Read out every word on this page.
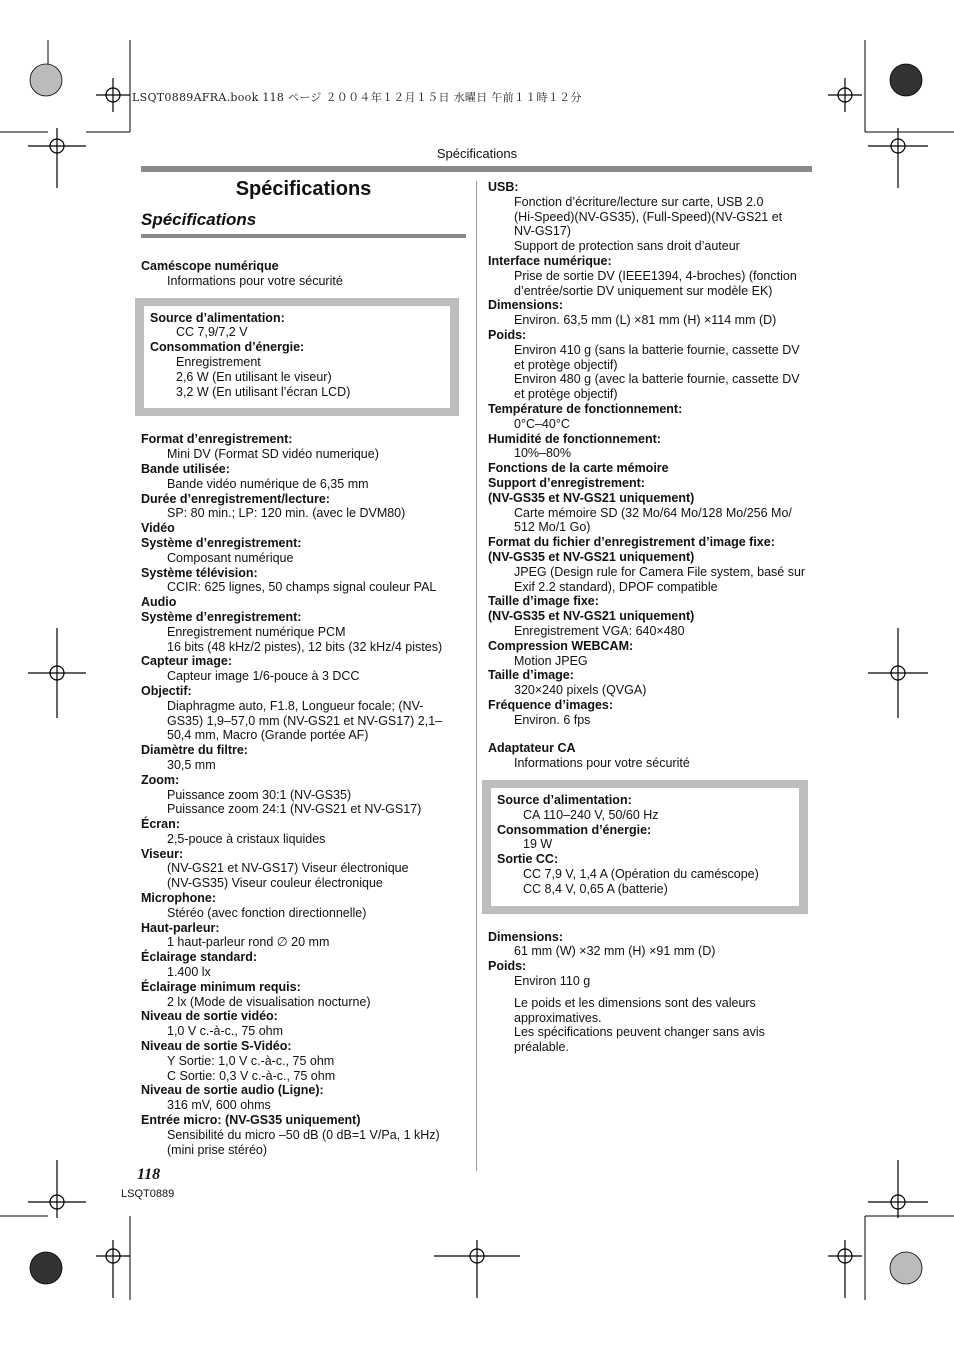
LSQT0889AFRA.book 118 ページ ２００４年１２月１５日 水曜日 午前１１時１２分
Spécifications
Spécifications
Spécifications
Caméscope numérique
Informations pour votre sécurité
Source d’alimentation:
CC 7,9/7,2 V
Consommation d’énergie:
Enregistrement
2,6 W (En utilisant le viseur)
3,2 W (En utilisant l’écran LCD)
Format d’enregistrement:
Mini DV (Format SD vidéo numerique)
Bande utilisée:
Bande vidéo numérique de 6,35 mm
Durée d’enregistrement/lecture:
SP: 80 min.; LP: 120 min. (avec le DVM80)
Vidéo
Système d’enregistrement:
Composant numérique
Système télévision:
CCIR: 625 lignes, 50 champs signal couleur PAL
Audio
Système d’enregistrement:
Enregistrement numérique PCM
16 bits (48 kHz/2 pistes), 12 bits (32 kHz/4 pistes)
Capteur image:
Capteur image 1/6-pouce à 3 DCC
Objectif:
Diaphragme auto, F1.8, Longueur focale; (NV-
GS35) 1,9–57,0 mm (NV-GS21 et NV-GS17) 2,1–
50,4 mm, Macro (Grande portée AF)
Diamètre du filtre:
30,5 mm
Zoom:
Puissance zoom 30:1 (NV-GS35)
Puissance zoom 24:1 (NV-GS21 et NV-GS17)
Écran:
2,5-pouce à cristaux liquides
Viseur:
(NV-GS21 et NV-GS17) Viseur électronique
(NV-GS35) Viseur couleur électronique
Microphone:
Stéréo (avec fonction directionnelle)
Haut-parleur:
1 haut-parleur rond ∅ 20 mm
Éclairage standard:
1.400 lx
Éclairage minimum requis:
2 lx (Mode de visualisation nocturne)
Niveau de sortie vidéo:
1,0 V c.-à-c., 75 ohm
Niveau de sortie S-Vidéo:
Y Sortie: 1,0 V c.-à-c., 75 ohm
C Sortie: 0,3 V c.-à-c., 75 ohm
Niveau de sortie audio (Ligne):
316 mV, 600 ohms
Entrée micro: (NV-GS35 uniquement)
Sensibilité du micro –50 dB (0 dB=1 V/Pa, 1 kHz)
(mini prise stéréo)
USB:
Fonction d’écriture/lecture sur carte, USB 2.0
(Hi-Speed)(NV-GS35), (Full-Speed)(NV-GS21 et
NV-GS17)
Support de protection sans droit d’auteur
Interface numérique:
Prise de sortie DV (IEEE1394, 4-broches) (fonction
d’entrée/sortie DV uniquement sur modèle EK)
Dimensions:
Environ. 63,5 mm (L) ×81 mm (H) ×114 mm (D)
Poids:
Environ 410 g (sans la batterie fournie, cassette DV
et protège objectif)
Environ 480 g (avec la batterie fournie, cassette DV
et protège objectif)
Température de fonctionnement:
0°C–40°C
Humidité de fonctionnement:
10%–80%
Fonctions de la carte mémoire
Support d’enregistrement:
(NV-GS35 et NV-GS21 uniquement)
Carte mémoire SD (32 Mo/64 Mo/128 Mo/256 Mo/
512 Mo/1 Go)
Format du fichier d’enregistrement d’image fixe:
(NV-GS35 et NV-GS21 uniquement)
JPEG (Design rule for Camera File system, basé sur
Exif 2.2 standard), DPOF compatible
Taille d’image fixe:
(NV-GS35 et NV-GS21 uniquement)
Enregistrement VGA: 640×480
Compression WEBCAM:
Motion JPEG
Taille d’image:
320×240 pixels (QVGA)
Fréquence d’images:
Environ. 6 fps
Adaptateur CA
Informations pour votre sécurité
Source d’alimentation:
CA 110–240 V, 50/60 Hz
Consommation d’énergie:
19 W
Sortie CC:
CC 7,9 V, 1,4 A (Opération du caméscope)
CC 8,4 V, 0,65 A (batterie)
Dimensions:
61 mm (W) ×32 mm (H) ×91 mm (D)
Poids:
Environ 110 g
Le poids et les dimensions sont des valeurs
approximatives.
Les spécifications peuvent changer sans avis
préalable.
118
LSQT0889
